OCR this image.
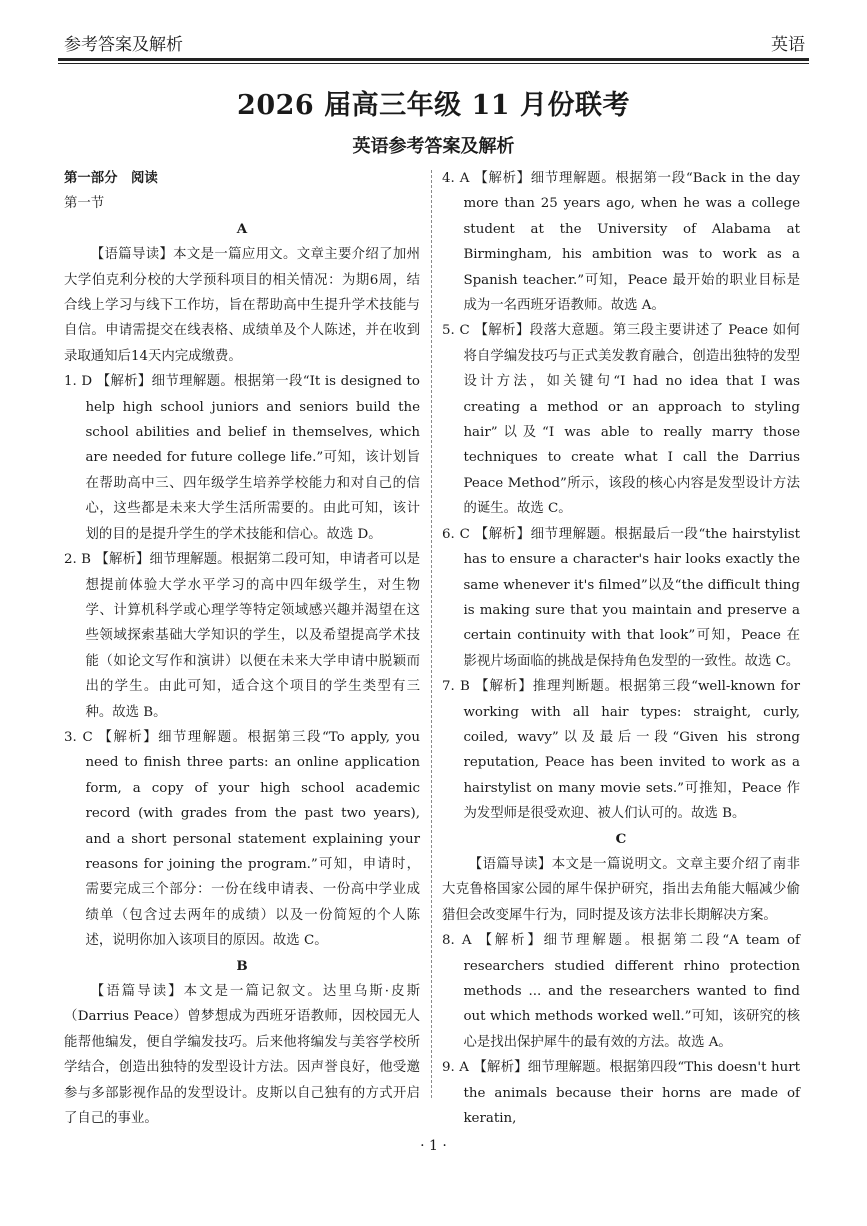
参考答案及解析	英语
2026 届高三年级 11 月份联考
英语参考答案及解析

第一部分　阅读

第一节

A

【语篇导读】本文是一篇应用文。文章主要介绍了加州大学伯克利分校的大学预科项目的相关情况：为期6周，结合线上学习与线下工作坊，旨在帮助高中生提升学术技能与自信。申请需提交在线表格、成绩单及个人陈述，并在收到录取通知后14天内完成缴费。

1. D 【解析】细节理解题。根据第一段“It is designed to help high school juniors and seniors build the school abilities and belief in themselves, which are needed for future college life.”可知，该计划旨在帮助高中三、四年级学生培养学校能力和对自己的信心，这些都是未来大学生活所需要的。由此可知，该计划的目的是提升学生的学术技能和信心。故选 D。

2. B 【解析】细节理解题。根据第二段可知，申请者可以是想提前体验大学水平学习的高中四年级学生，对生物学、计算机科学或心理学等特定领域感兴趣并渴望在这些领域探索基础大学知识的学生，以及希望提高学术技能（如论文写作和演讲）以便在未来大学申请中脱颖而出的学生。由此可知，适合这个项目的学生类型有三种。故选 B。

3. C 【解析】细节理解题。根据第三段“To apply, you need to finish three parts: an online application form, a copy of your high school academic record (with grades from the past two years), and a short personal statement explaining your reasons for joining the program.”可知，申请时，需要完成三个部分：一份在线申请表、一份高中学业成绩单（包含过去两年的成绩）以及一份简短的个人陈述，说明你加入该项目的原因。故选 C。

B

【语篇导读】本文是一篇记叙文。达里乌斯·皮斯（Darrius Peace）曾梦想成为西班牙语教师，因校园无人能帮他编发，便自学编发技巧。后来他将编发与美容学校所学结合，创造出独特的发型设计方法。因声誉良好，他受邀参与多部影视作品的发型设计。皮斯以自己独有的方式开启了自己的事业。

4. A 【解析】细节理解题。根据第一段“Back in the day more than 25 years ago, when he was a college student at the University of Alabama at Birmingham, his ambition was to work as a Spanish teacher.”可知，Peace 最开始的职业目标是成为一名西班牙语教师。故选 A。

5. C 【解析】段落大意题。第三段主要讲述了 Peace 如何将自学编发技巧与正式美发教育融合，创造出独特的发型设计方法，如关键句“I had no idea that I was creating a method or an approach to styling hair”以及“I was able to really marry those techniques to create what I call the Darrius Peace Method”所示，该段的核心内容是发型设计方法的诞生。故选 C。

6. C 【解析】细节理解题。根据最后一段“the hairstylist has to ensure a character's hair looks exactly the same whenever it's filmed”以及“the difficult thing is making sure that you maintain and preserve a certain continuity with that look”可知，Peace 在影视片场面临的挑战是保持角色发型的一致性。故选 C。

7. B 【解析】推理判断题。根据第三段“well-known for working with all hair types: straight, curly, coiled, wavy”以及最后一段“Given his strong reputation, Peace has been invited to work as a hairstylist on many movie sets.”可推知，Peace 作为发型师是很受欢迎、被人们认可的。故选 B。

C

【语篇导读】本文是一篇说明文。文章主要介绍了南非大克鲁格国家公园的犀牛保护研究，指出去角能大幅减少偷猎但会改变犀牛行为，同时提及该方法非长期解决方案。

8. A 【解析】细节理解题。根据第二段“A team of researchers studied different rhino protection methods ... and the researchers wanted to find out which methods worked well.”可知，该研究的核心是找出保护犀牛的最有效的方法。故选 A。

9. A 【解析】细节理解题。根据第四段“This doesn't hurt the animals because their horns are made of keratin,

· 1 ·
